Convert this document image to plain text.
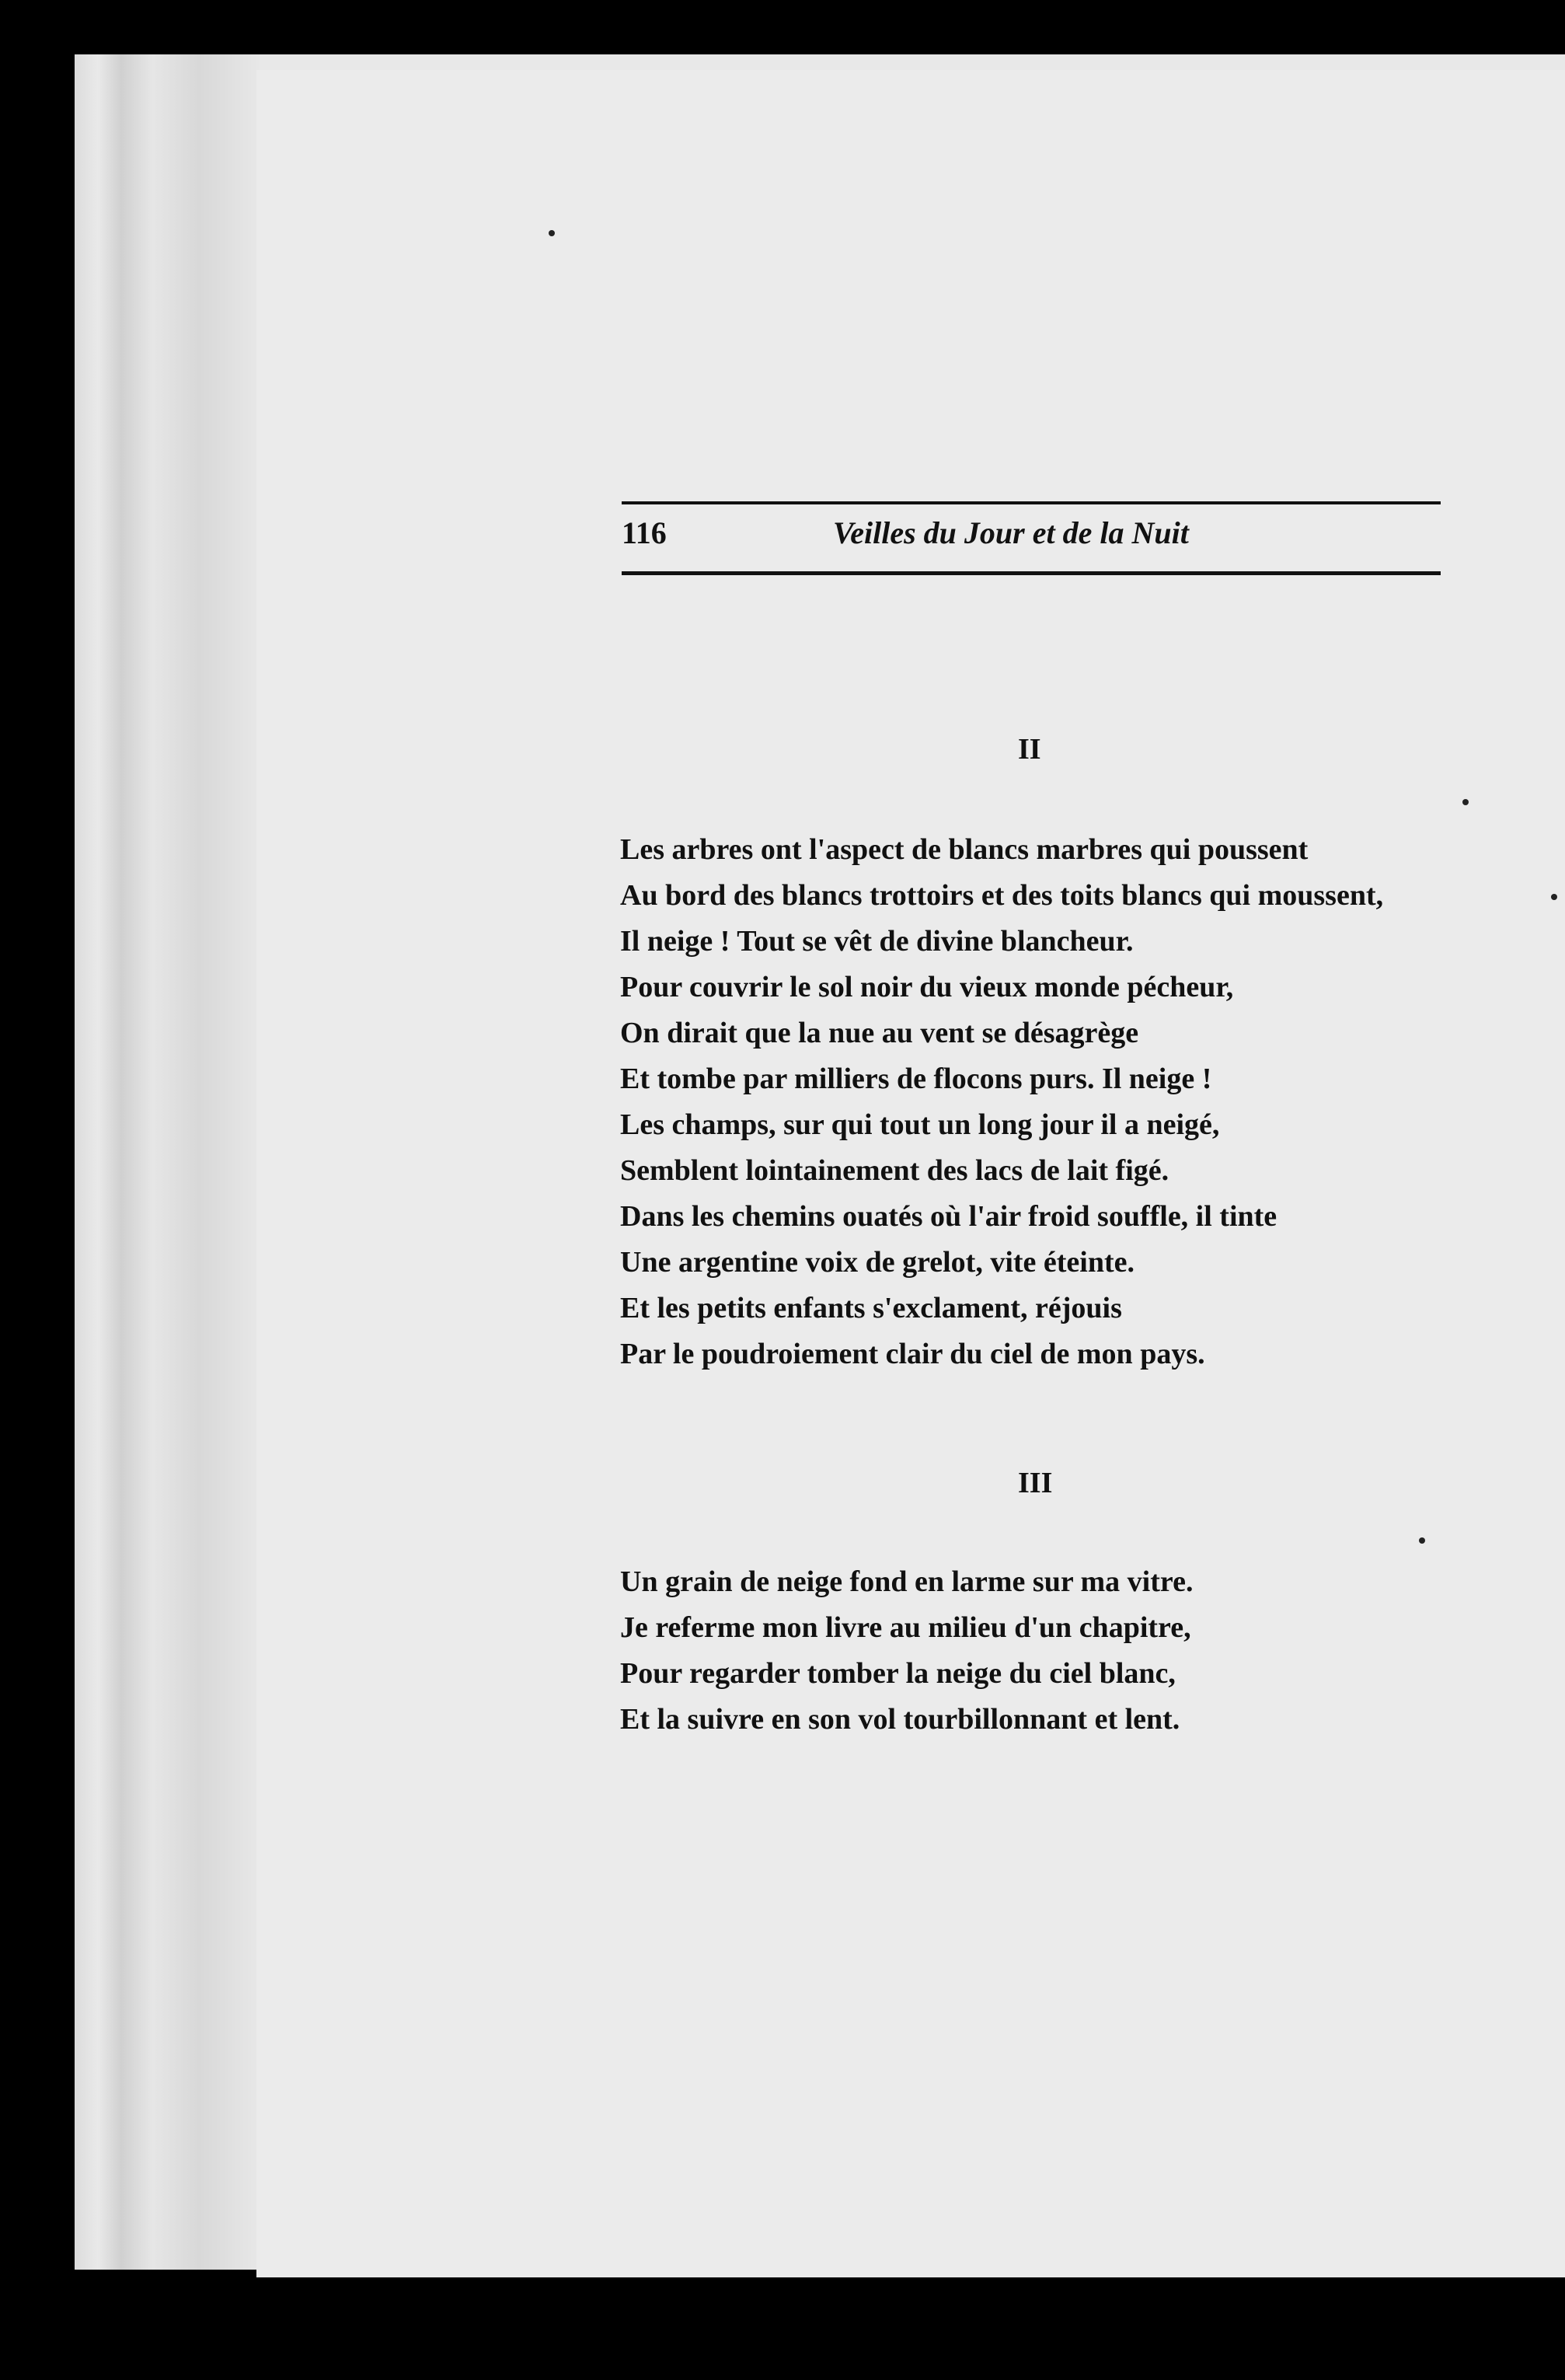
116	Veilles du Jour et de la Nuit
II
Les arbres ont l'aspect de blancs marbres qui poussent
Au bord des blancs trottoirs et des toits blancs qui moussent,
Il neige ! Tout se vêt de divine blancheur.
Pour couvrir le sol noir du vieux monde pécheur,
On dirait que la nue au vent se désagrège
Et tombe par milliers de flocons purs. Il neige !
Les champs, sur qui tout un long jour il a neigé,
Semblent lointainement des lacs de lait figé.
Dans les chemins ouatés où l'air froid souffle, il tinte
Une argentine voix de grelot, vite éteinte.
Et les petits enfants s'exclament, réjouis
Par le poudroiement clair du ciel de mon pays.
III
Un grain de neige fond en larme sur ma vitre.
Je referme mon livre au milieu d'un chapitre,
Pour regarder tomber la neige du ciel blanc,
Et la suivre en son vol tourbillonnant et lent.
